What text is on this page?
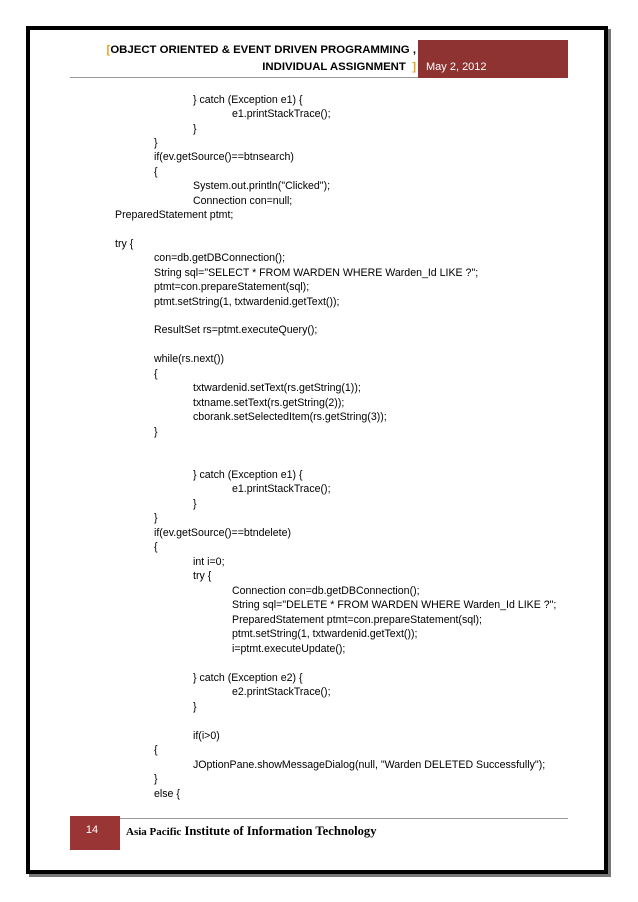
[OBJECT ORIENTED & EVENT DRIVEN PROGRAMMING ,
INDIVIDUAL ASSIGNMENT ] May 2, 2012
} catch (Exception e1) {
e1.printStackTrace();
}
}
if(ev.getSource()==btnsearch)
{
System.out.println("Clicked");
Connection con=null;
PreparedStatement ptmt;
try {
con=db.getDBConnection();
String sql="SELECT * FROM WARDEN WHERE Warden_Id LIKE ?";
ptmt=con.prepareStatement(sql);
ptmt.setString(1, txtwardenid.getText());
ResultSet rs=ptmt.executeQuery();
while(rs.next())
{
txtwardenid.setText(rs.getString(1));
txtname.setText(rs.getString(2));
cborank.setSelectedItem(rs.getString(3));
}
} catch (Exception e1) {
e1.printStackTrace();
}
}
if(ev.getSource()==btndelete)
{
int i=0;
try {
Connection con=db.getDBConnection();
String sql="DELETE * FROM WARDEN WHERE Warden_Id LIKE ?";
PreparedStatement ptmt=con.prepareStatement(sql);
ptmt.setString(1, txtwardenid.getText());
i=ptmt.executeUpdate();
} catch (Exception e2) {
e2.printStackTrace();
}
if(i>0)
{
JOptionPane.showMessageDialog(null, "Warden DELETED Successfully");
}
else {
14	Asia Pacific Institute of Information Technology
